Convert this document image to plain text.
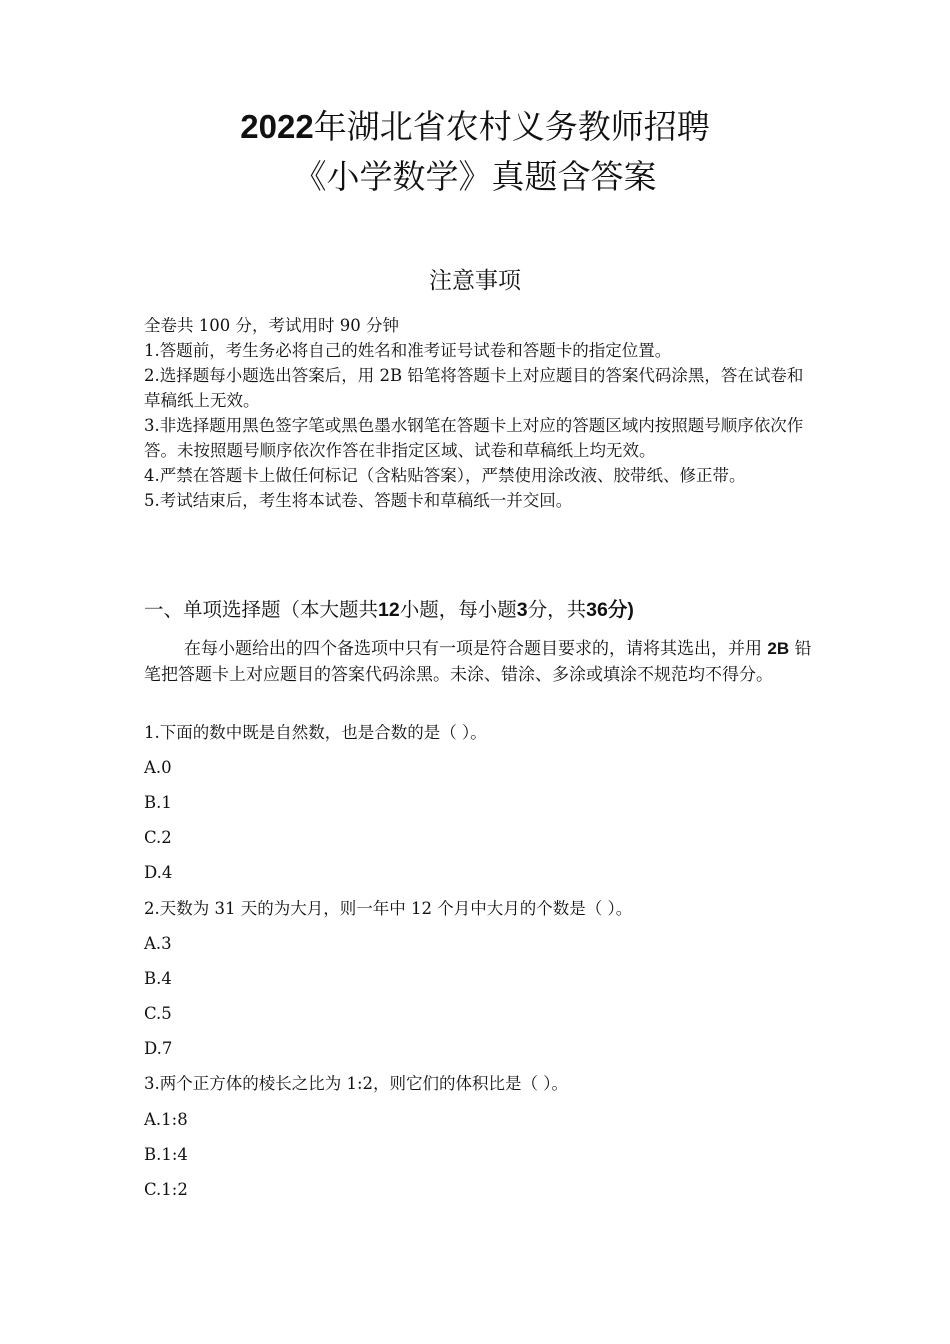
2022年湖北省农村义务教师招聘
《小学数学》真题含答案
注意事项

全卷共 100 分，考试用时 90 分钟

1.答题前，考生务必将自己的姓名和准考证号试卷和答题卡的指定位置。

2.选择题每小题选出答案后，用 2B 铅笔将答题卡上对应题目的答案代码涂黑，答在试卷和草稿纸上无效。

3.非选择题用黑色签字笔或黑色墨水钢笔在答题卡上对应的答题区域内按照题号顺序依次作答。未按照题号顺序依次作答在非指定区域、试卷和草稿纸上均无效。

4.严禁在答题卡上做任何标记（含粘贴答案），严禁使用涂改液、胶带纸、修正带。

5.考试结束后，考生将本试卷、答题卡和草稿纸一并交回。

一、单项选择题（本大题共12小题，每小题3分，共36分)
在每小题给出的四个备选项中只有一项是符合题目要求的，请将其选出，并用 2B 铅笔把答题卡上对应题目的答案代码涂黑。未涂、错涂、多涂或填涂不规范均不得分。
1.下面的数中既是自然数，也是合数的是（ ）。
A.0
B.1
C.2
D.4
2.天数为 31 天的为大月，则一年中 12 个月中大月的个数是（ ）。
A.3
B.4
C.5
D.7
3.两个正方体的棱长之比为 1:2，则它们的体积比是（ ）。
A.1:8
B.1:4
C.1:2
